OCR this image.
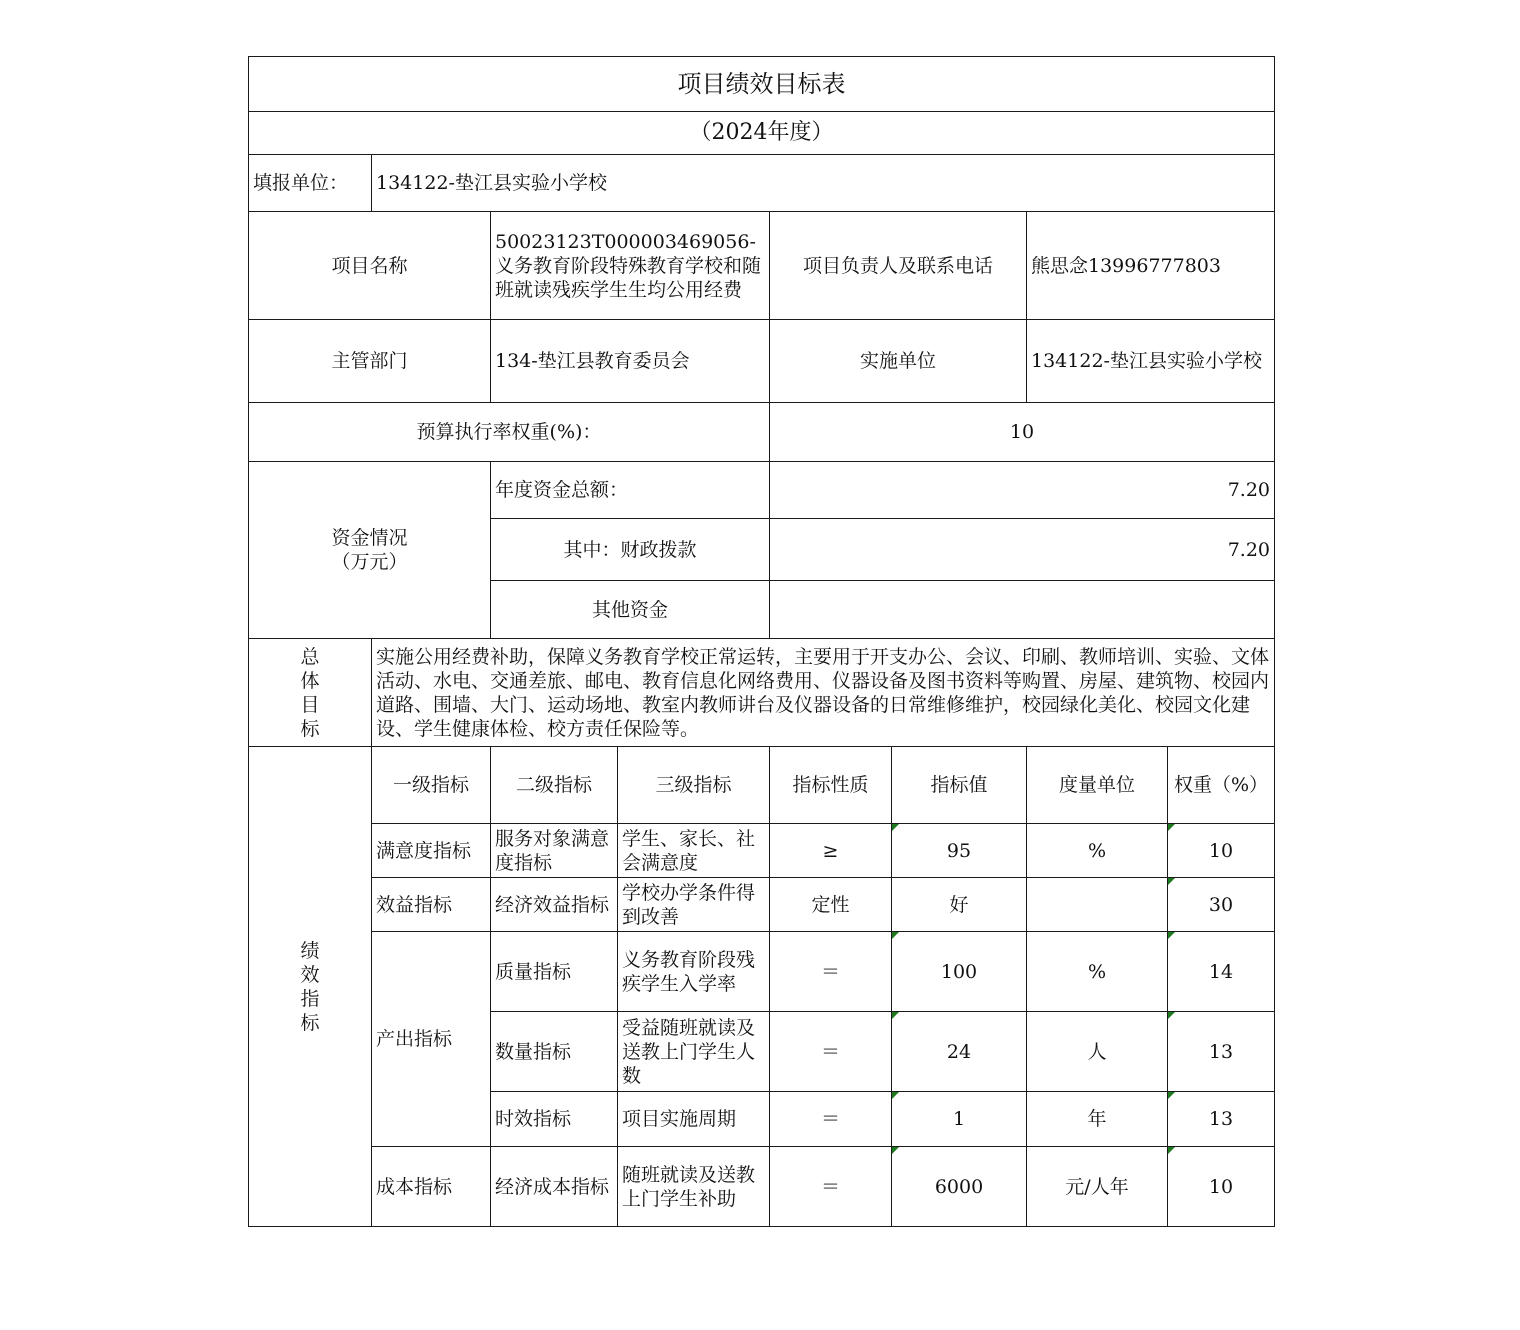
项目绩效目标表							
（2024年度）							
填报单位：	134122-垫江县实验小学校						
项目名称		50023123T000003469056-义务教育阶段特殊教育学校和随班就读残疾学生生均公用经费		项目负责人及联系电话		熊思念13996777803	
主管部门		134-垫江县教育委员会		实施单位		134122-垫江县实验小学校	
预算执行率权重(%)：				10			

资金情况
（万元）		年度资金总额：		7.20			
		其中：财政拨款		7.20			
		其他资金					

总
体
目
标	实施公用经费补助，保障义务教育学校正常运转，主要用于开支办公、会议、印刷、教师培训、实验、文体活动、水电、交通差旅、邮电、教育信息化网络费用、仪器设备及图书资料等购置、房屋、建筑物、校园内道路、围墙、大门、运动场地、教室内教师讲台及仪器设备的日常维修维护，校园绿化美化、校园文化建设、学生健康体检、校方责任保险等。						

绩
效
指
标	一级指标	二级指标	三级指标	指标性质	指标值	度量单位	权重（%）
	满意度指标	服务对象满意度指标	学生、家长、社会满意度	≥	95	%	10
	效益指标	经济效益指标	学校办学条件得到改善	定性	好		30
	产出指标	质量指标	义务教育阶段残疾学生入学率	＝	100	%	14
		数量指标	受益随班就读及送教上门学生人数	＝	24	人	13
		时效指标	项目实施周期	＝	1	年	13
	成本指标	经济成本指标	随班就读及送教上门学生补助	＝	6000	元/人年	10
